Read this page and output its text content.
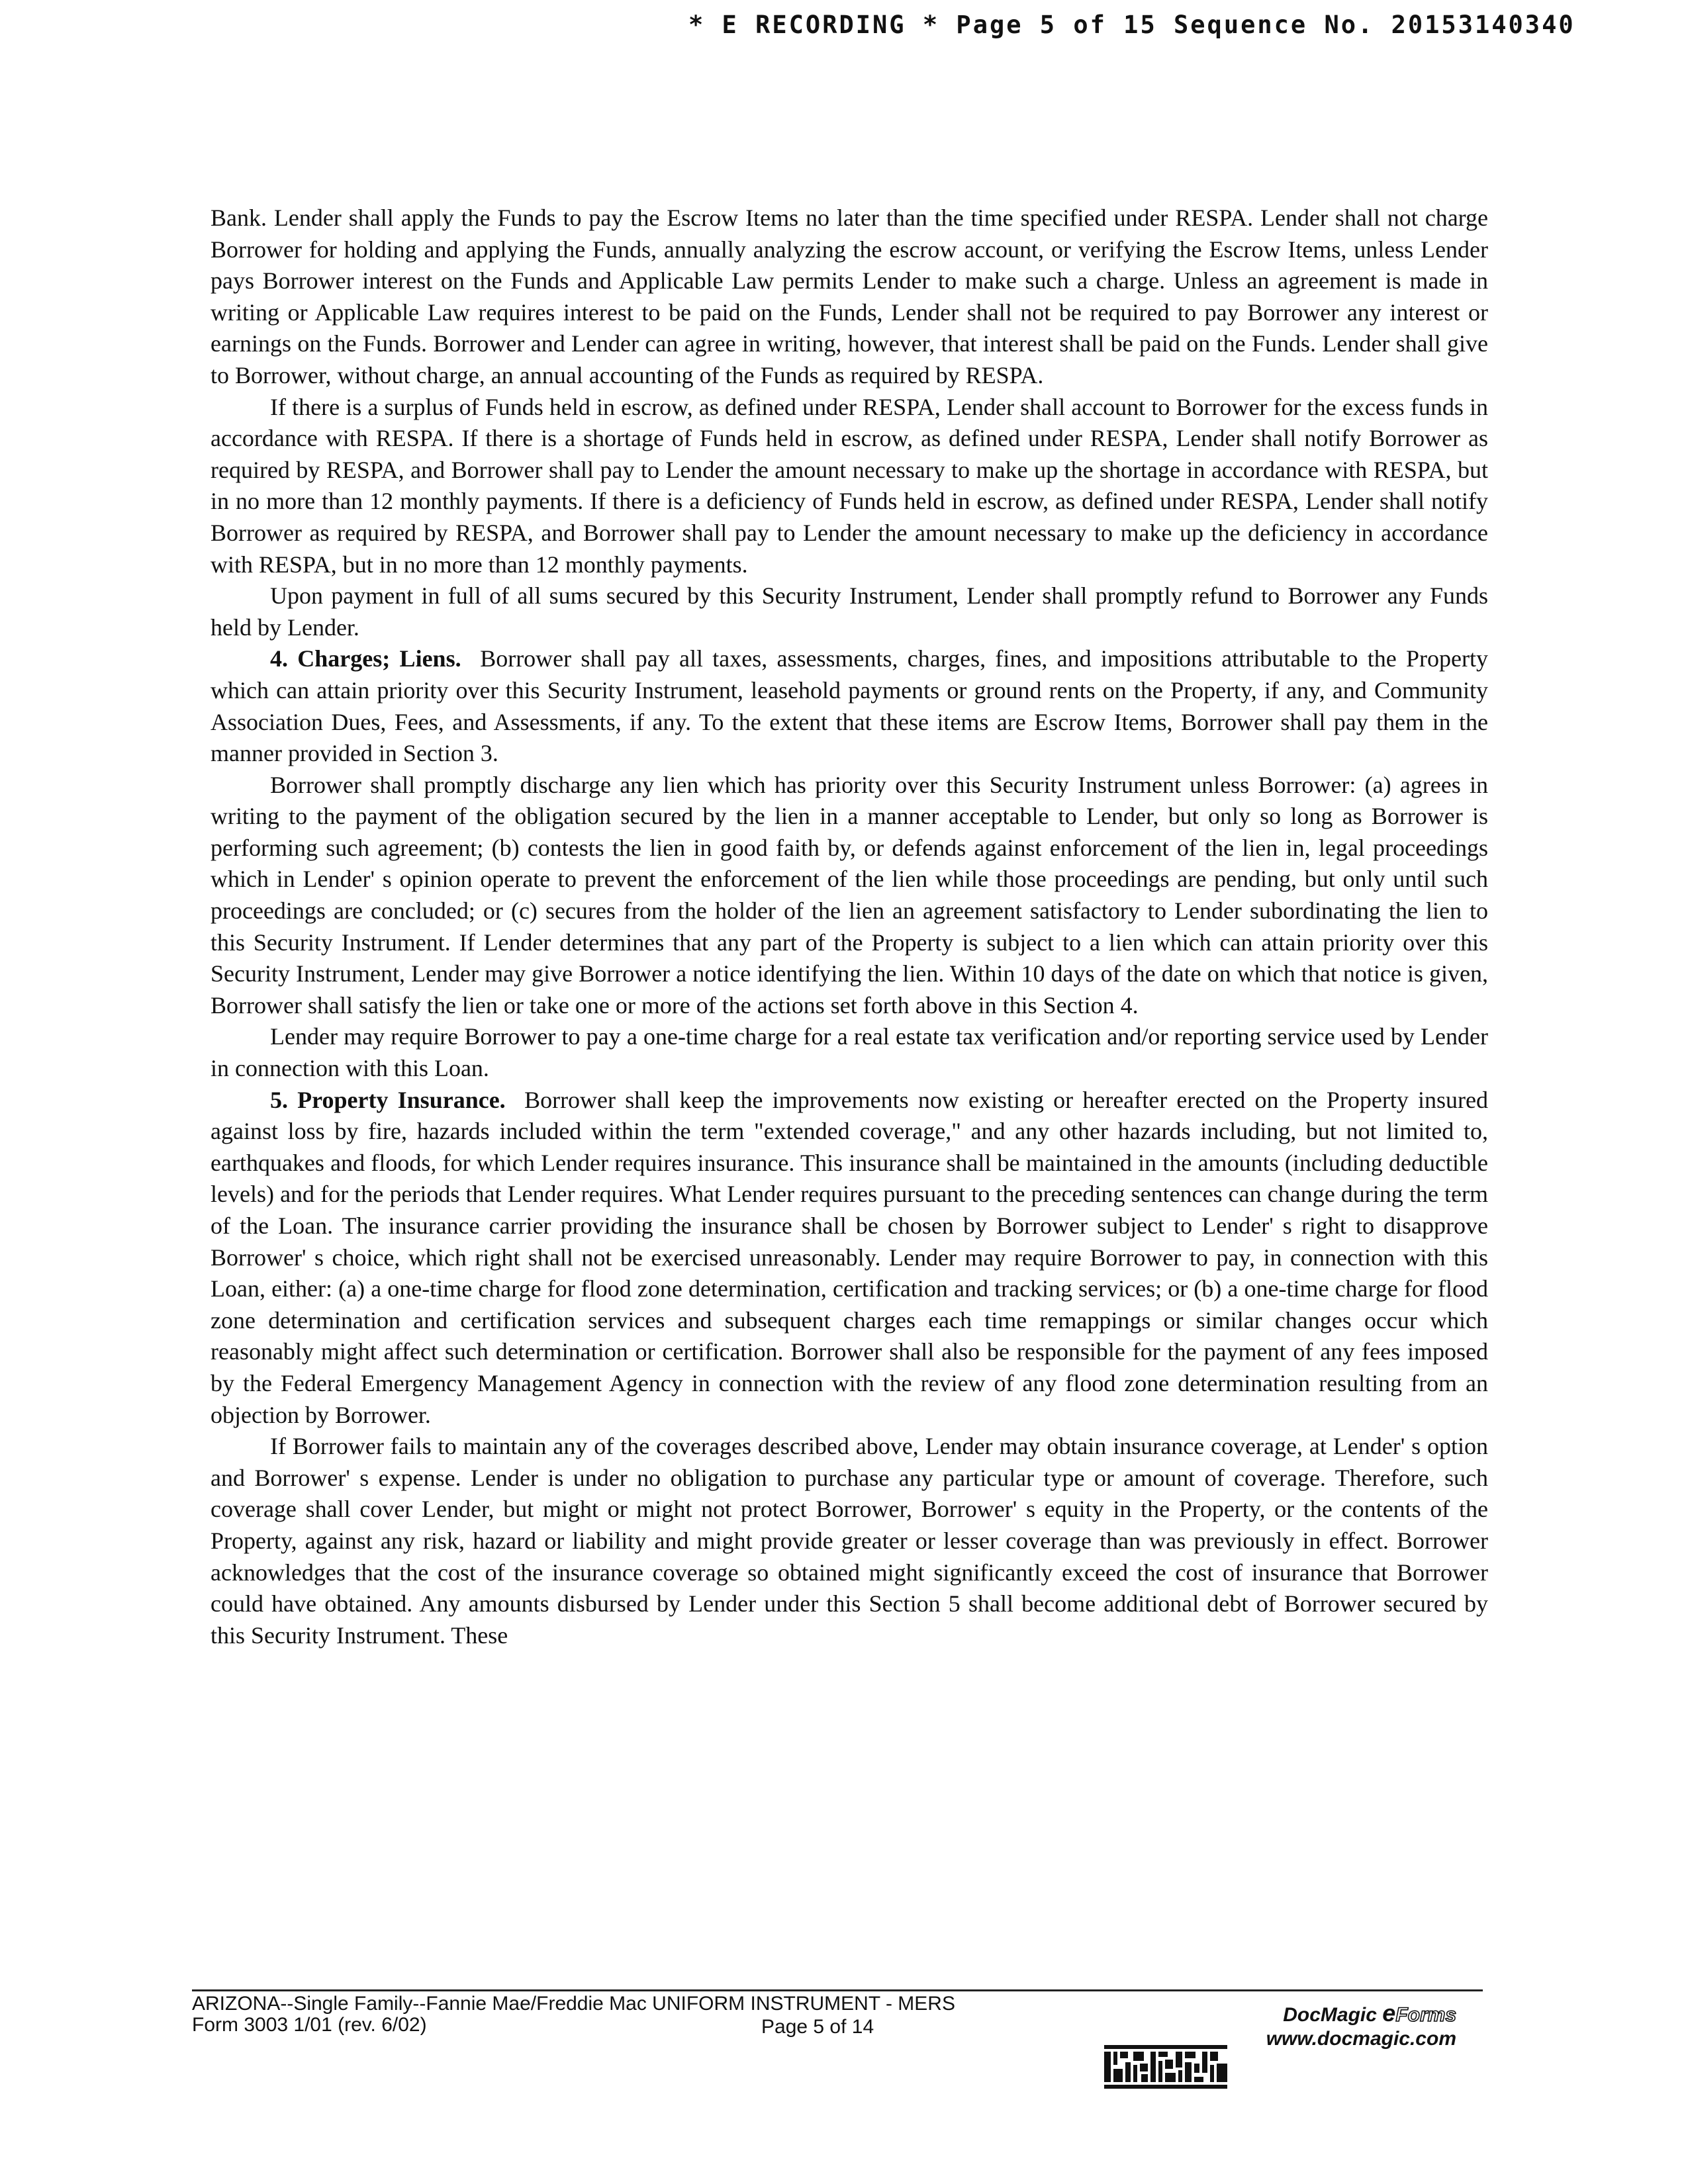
* E RECORDING * Page 5 of 15 Sequence No. 20153140340

Bank. Lender shall apply the Funds to pay the Escrow Items no later than the time specified under RESPA. Lender shall not charge Borrower for holding and applying the Funds, annually analyzing the escrow account, or verifying the Escrow Items, unless Lender pays Borrower interest on the Funds and Applicable Law permits Lender to make such a charge. Unless an agreement is made in writing or Applicable Law requires interest to be paid on the Funds, Lender shall not be required to pay Borrower any interest or earnings on the Funds. Borrower and Lender can agree in writing, however, that interest shall be paid on the Funds. Lender shall give to Borrower, without charge, an annual accounting of the Funds as required by RESPA.

If there is a surplus of Funds held in escrow, as defined under RESPA, Lender shall account to Borrower for the excess funds in accordance with RESPA. If there is a shortage of Funds held in escrow, as defined under RESPA, Lender shall notify Borrower as required by RESPA, and Borrower shall pay to Lender the amount necessary to make up the shortage in accordance with RESPA, but in no more than 12 monthly payments. If there is a deficiency of Funds held in escrow, as defined under RESPA, Lender shall notify Borrower as required by RESPA, and Borrower shall pay to Lender the amount necessary to make up the deficiency in accordance with RESPA, but in no more than 12 monthly payments.

Upon payment in full of all sums secured by this Security Instrument, Lender shall promptly refund to Borrower any Funds held by Lender.

4. Charges; Liens. Borrower shall pay all taxes, assessments, charges, fines, and impositions attributable to the Property which can attain priority over this Security Instrument, leasehold payments or ground rents on the Property, if any, and Community Association Dues, Fees, and Assessments, if any. To the extent that these items are Escrow Items, Borrower shall pay them in the manner provided in Section 3.

Borrower shall promptly discharge any lien which has priority over this Security Instrument unless Borrower: (a) agrees in writing to the payment of the obligation secured by the lien in a manner acceptable to Lender, but only so long as Borrower is performing such agreement; (b) contests the lien in good faith by, or defends against enforcement of the lien in, legal proceedings which in Lender' s opinion operate to prevent the enforcement of the lien while those proceedings are pending, but only until such proceedings are concluded; or (c) secures from the holder of the lien an agreement satisfactory to Lender subordinating the lien to this Security Instrument. If Lender determines that any part of the Property is subject to a lien which can attain priority over this Security Instrument, Lender may give Borrower a notice identifying the lien. Within 10 days of the date on which that notice is given, Borrower shall satisfy the lien or take one or more of the actions set forth above in this Section 4.

Lender may require Borrower to pay a one-time charge for a real estate tax verification and/or reporting service used by Lender in connection with this Loan.

5. Property Insurance. Borrower shall keep the improvements now existing or hereafter erected on the Property insured against loss by fire, hazards included within the term "extended coverage," and any other hazards including, but not limited to, earthquakes and floods, for which Lender requires insurance. This insurance shall be maintained in the amounts (including deductible levels) and for the periods that Lender requires. What Lender requires pursuant to the preceding sentences can change during the term of the Loan. The insurance carrier providing the insurance shall be chosen by Borrower subject to Lender' s right to disapprove Borrower' s choice, which right shall not be exercised unreasonably. Lender may require Borrower to pay, in connection with this Loan, either: (a) a one-time charge for flood zone determination, certification and tracking services; or (b) a one-time charge for flood zone determination and certification services and subsequent charges each time remappings or similar changes occur which reasonably might affect such determination or certification. Borrower shall also be responsible for the payment of any fees imposed by the Federal Emergency Management Agency in connection with the review of any flood zone determination resulting from an objection by Borrower.

If Borrower fails to maintain any of the coverages described above, Lender may obtain insurance coverage, at Lender' s option and Borrower' s expense. Lender is under no obligation to purchase any particular type or amount of coverage. Therefore, such coverage shall cover Lender, but might or might not protect Borrower, Borrower' s equity in the Property, or the contents of the Property, against any risk, hazard or liability and might provide greater or lesser coverage than was previously in effect. Borrower acknowledges that the cost of the insurance coverage so obtained might significantly exceed the cost of insurance that Borrower could have obtained. Any amounts disbursed by Lender under this Section 5 shall become additional debt of Borrower secured by this Security Instrument. These

ARIZONA--Single Family--Fannie Mae/Freddie Mac UNIFORM INSTRUMENT - MERS
Form 3003 1/01 (rev. 6/02)	Page 5 of 14
DocMagic eForms
www.docmagic.com
